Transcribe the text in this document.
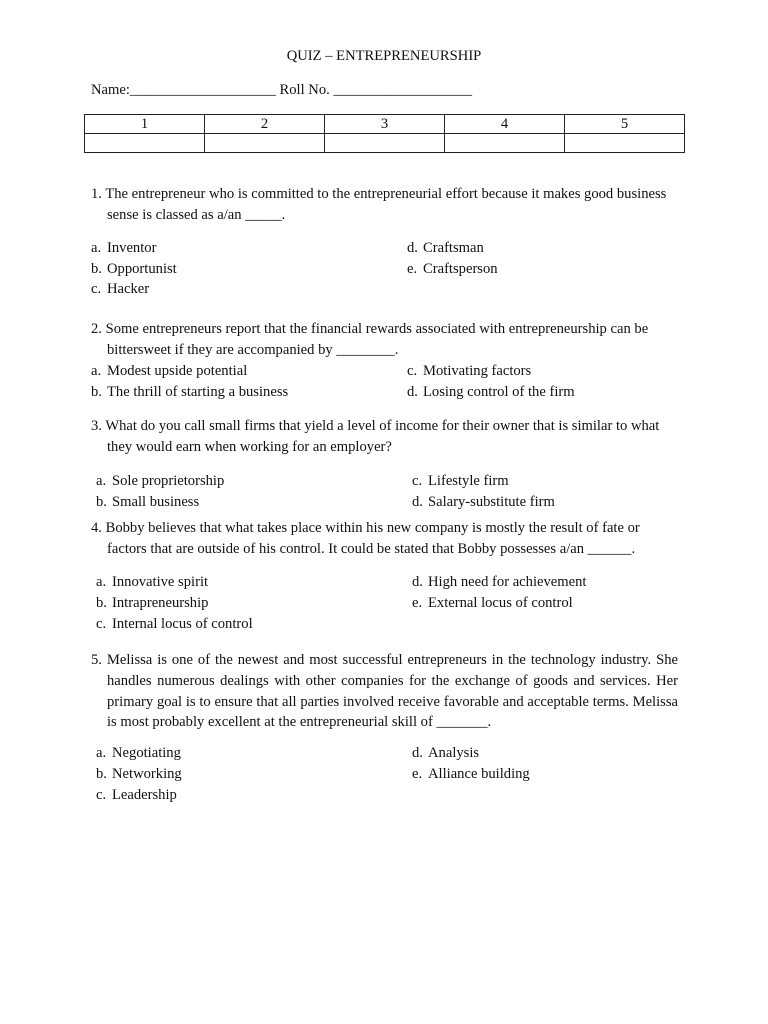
QUIZ – ENTREPRENEURSHIP
Name:____________________ Roll No. ___________________
1	2	3	4	5

1. The entrepreneur who is committed to the entrepreneurial effort because it makes good business sense is classed as a/an _____.

a. Inventor
b. Opportunist
c. Hacker
d. Craftsman
e. Craftsperson

2. Some entrepreneurs report that the financial rewards associated with entrepreneurship can be bittersweet if they are accompanied by ________.

a. Modest upside potential
b. The thrill of starting a business
c. Motivating factors
d. Losing control of the firm

3. What do you call small firms that yield a level of income for their owner that is similar to what they would earn when working for an employer?

a. Sole proprietorship
b. Small business
c. Lifestyle firm
d. Salary-substitute firm

4. Bobby believes that what takes place within his new company is mostly the result of fate or factors that are outside of his control. It could be stated that Bobby possesses a/an ______.

a. Innovative spirit
b. Intrapreneurship
c. Internal locus of control
d. High need for achievement
e. External locus of control

5. Melissa is one of the newest and most successful entrepreneurs in the technology industry. She handles numerous dealings with other companies for the exchange of goods and services. Her primary goal is to ensure that all parties involved receive favorable and acceptable terms. Melissa is most probably excellent at the entrepreneurial skill of _______.

a. Negotiating
b. Networking
c. Leadership
d. Analysis
e. Alliance building
